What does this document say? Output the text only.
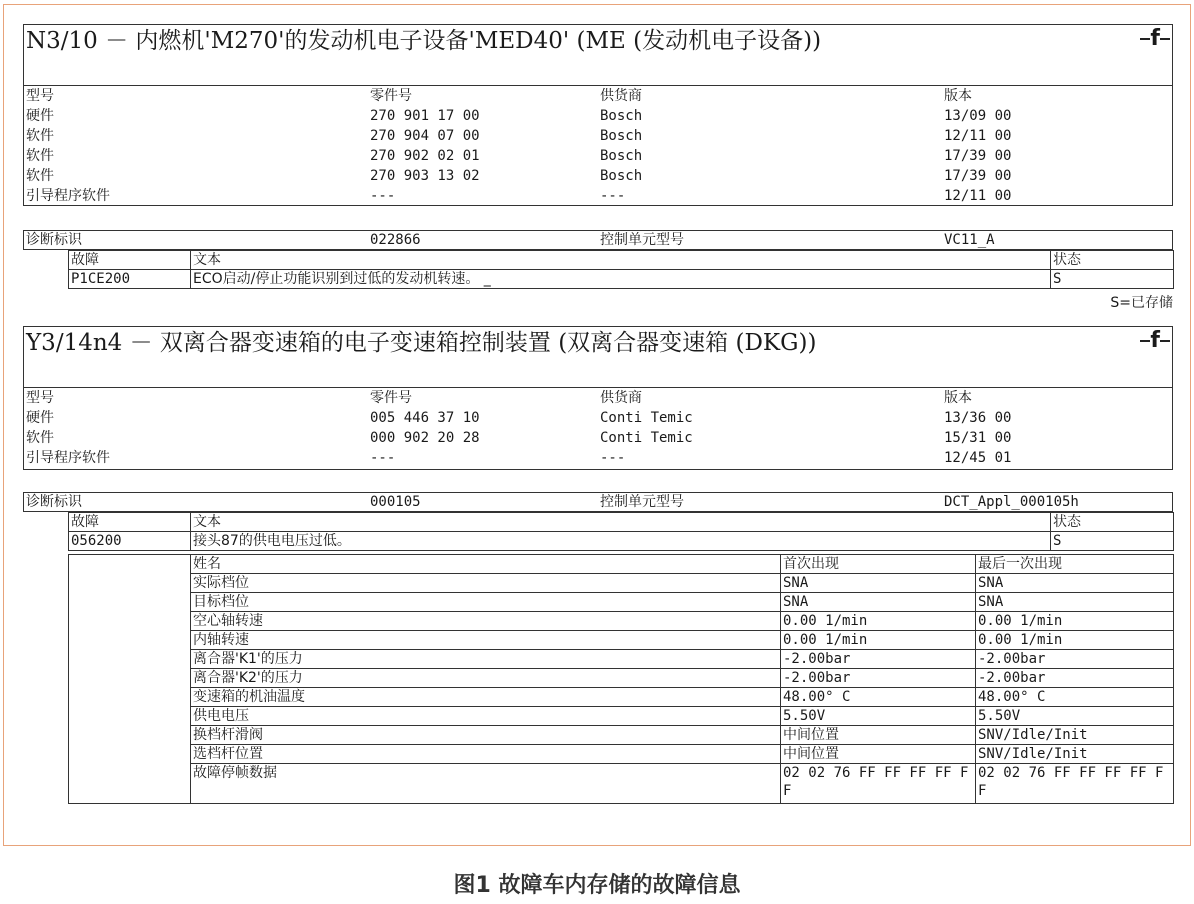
N3/10 － 内燃机'M270'的发动机电子设备'MED40' (ME (发动机电子设备))	f
型号	零件号	供货商	版本
硬件	270 901 17 00	Bosch	13/09 00
软件	270 904 07 00	Bosch	12/11 00
软件	270 902 02 01	Bosch	17/39 00
软件	270 903 13 02	Bosch	17/39 00
引导程序软件	---	---	12/11 00
诊断标识	022866	控制单元型号	VC11_A
故障	文本	状态
P1CE200	ECO启动/停止功能识别到过低的发动机转速。 _	S
S=已存储
Y3/14n4 － 双离合器变速箱的电子变速箱控制装置 (双离合器变速箱 (DKG))	f
型号	零件号	供货商	版本
硬件	005 446 37 10	Conti Temic	13/36 00
软件	000 902 20 28	Conti Temic	15/31 00
引导程序软件	---	---	12/45 01
诊断标识	000105	控制单元型号	DCT_Appl_000105h
故障	文本	状态
056200	接头87的供电电压过低。	S
	姓名	首次出现	最后一次出现
	实际档位	SNA	SNA
	目标档位	SNA	SNA
	空心轴转速	0.00 1/min	0.00 1/min
	内轴转速	0.00 1/min	0.00 1/min
	离合器'K1'的压力	-2.00bar	-2.00bar
	离合器'K2'的压力	-2.00bar	-2.00bar
	变速箱的机油温度	48.00° C	48.00° C
	供电电压	5.50V	5.50V
	换档杆滑阀	中间位置	SNV/Idle/Init
	选档杆位置	中间位置	SNV/Idle/Init
	故障停帧数据	02 02 76 FF FF FF FF FF	02 02 76 FF FF FF FF FF
图1 故障车内存储的故障信息
